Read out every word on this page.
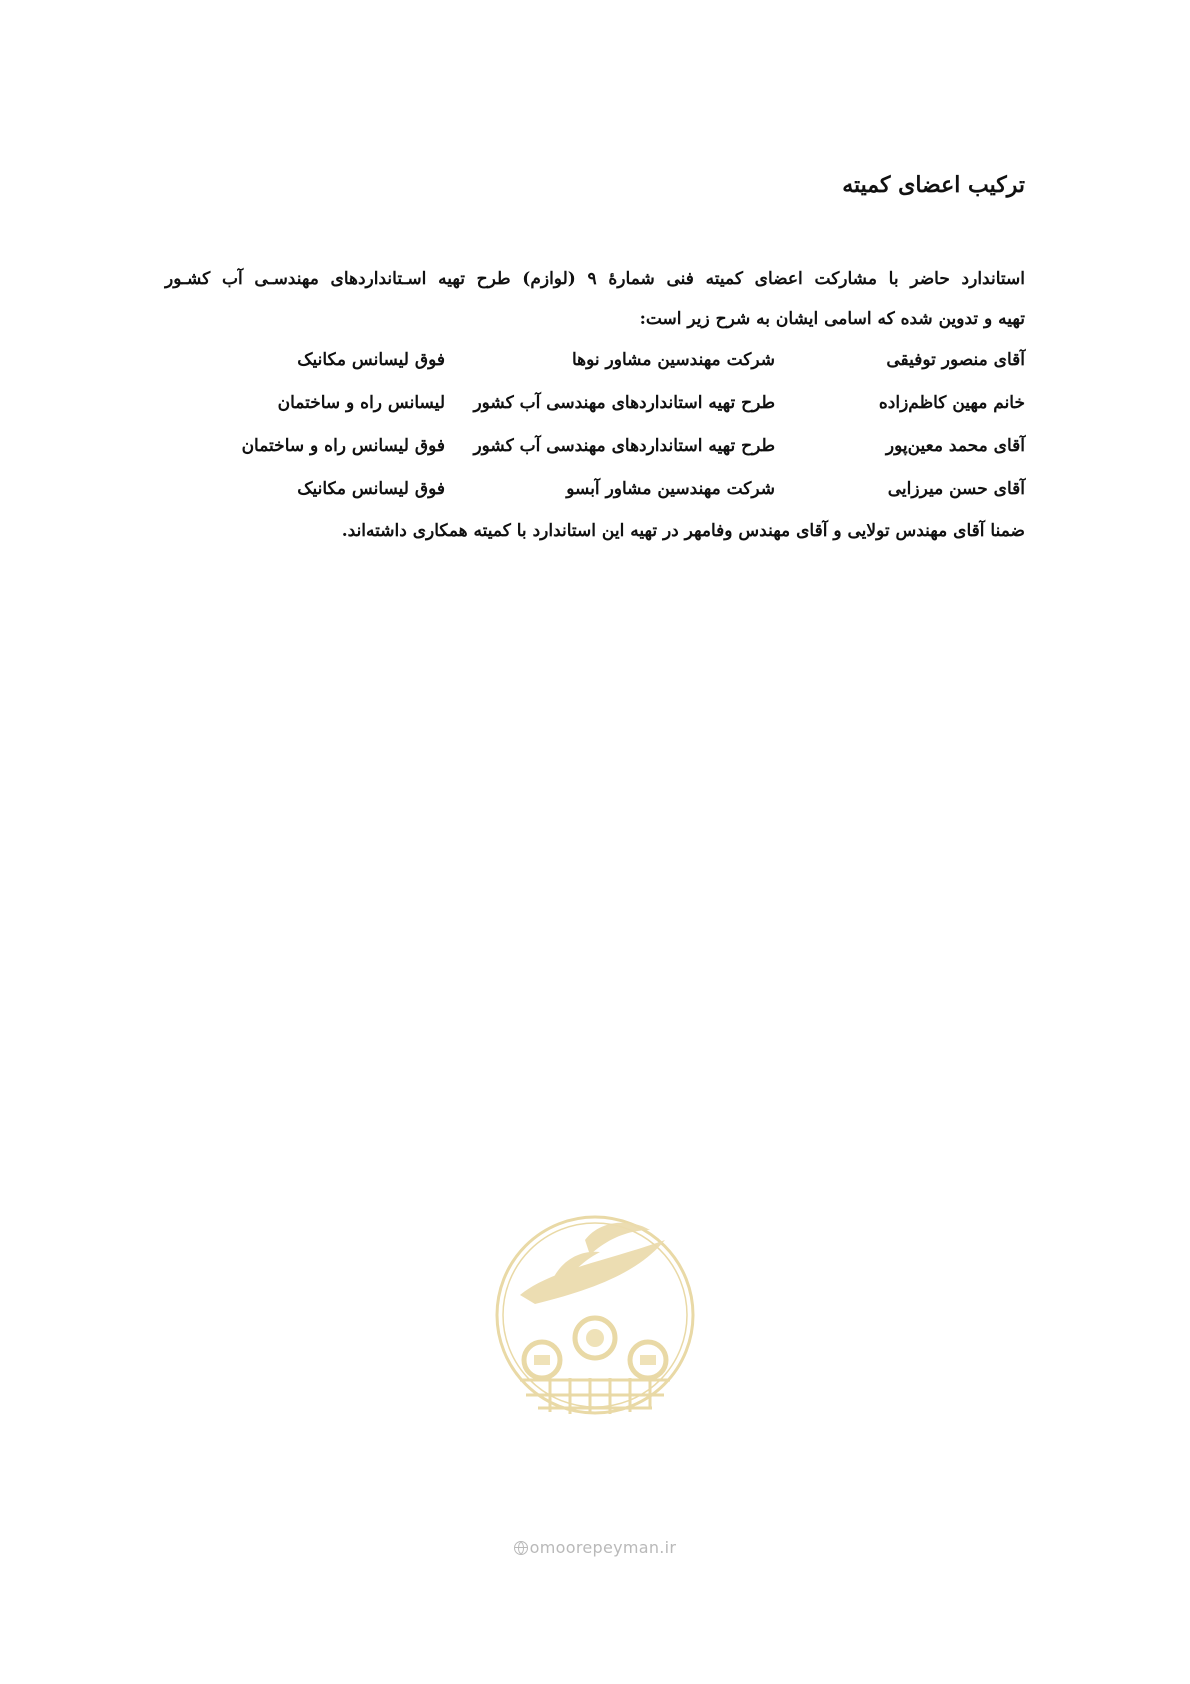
ترکیب اعضای کمیته

استاندارد حاضر با مشارکت اعضای کمیته فنی شمارۀ ۹ (لوازم) طرح تهیه اسـتانداردهای مهندسـی آب کشـور

تهیه و تدوین شده که اسامی ایشان به شرح زیر است:

آقای منصور توفیقی
شرکت مهندسین مشاور نوها
فوق لیسانس مکانیک
خانم مهین کاظم‌زاده
طرح تهیه استانداردهای مهندسی آب کشور
لیسانس راه و ساختمان
آقای محمد معین‌پور
طرح تهیه استانداردهای مهندسی آب کشور
فوق لیسانس راه و ساختمان
آقای حسن میرزایی
شرکت مهندسین مشاور آبسو
فوق لیسانس مکانیک

ضمنا آقای مهندس تولایی و آقای مهندس وفامهر در تهیه این استاندارد با کمیته همکاری داشته‌اند.

omoorepeyman.ir
